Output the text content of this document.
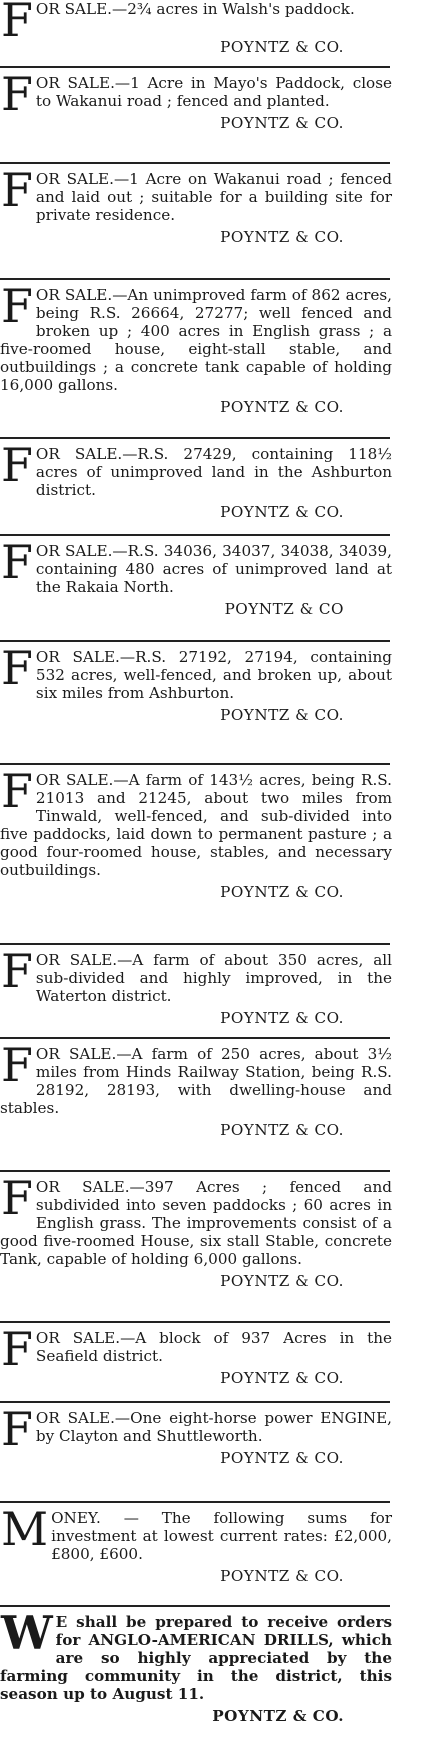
FOR SALE.—2¾ acres in Walsh's paddock.

POYNTZ & CO.

FOR SALE.—1 Acre in Mayo's Paddock, close to Wakanui road ; fenced and planted.

POYNTZ & CO.

FOR SALE.—1 Acre on Wakanui road ; fenced and laid out ; suitable for a building site for private residence.

POYNTZ & CO.

FOR SALE.—An unimproved farm of 862 acres, being R.S. 26664, 27277; well fenced and broken up ; 400 acres in English grass ; a five-roomed house, eight-stall stable, and outbuildings ; a concrete tank capable of holding 16,000 gallons.

POYNTZ & CO.

FOR SALE.—R.S. 27429, containing 118½ acres of unimproved land in the Ashburton district.

POYNTZ & CO.

FOR SALE.—R.S. 34036, 34037, 34038, 34039, containing 480 acres of unimproved land at the Rakaia North.

POYNTZ & CO

FOR SALE.—R.S. 27192, 27194, containing 532 acres, well-fenced, and broken up, about six miles from Ashburton.

POYNTZ & CO.

FOR SALE.—A farm of 143½ acres, being R.S. 21013 and 21245, about two miles from Tinwald, well-fenced, and sub-divided into five paddocks, laid down to permanent pasture ; a good four-roomed house, stables, and necessary outbuildings.

POYNTZ & CO.

FOR SALE.—A farm of about 350 acres, all sub-divided and highly improved, in the Waterton district.

POYNTZ & CO.

FOR SALE.—A farm of 250 acres, about 3½ miles from Hinds Railway Station, being R.S. 28192, 28193, with dwelling-house and stables.

POYNTZ & CO.

FOR SALE.—397 Acres ; fenced and subdivided into seven paddocks ; 60 acres in English grass. The improvements consist of a good five-roomed House, six stall Stable, concrete Tank, capable of holding 6,000 gallons.

POYNTZ & CO.

FOR SALE.—A block of 937 Acres in the Seafield district.

POYNTZ & CO.

FOR SALE.—One eight-horse power ENGINE, by Clayton and Shuttleworth.

POYNTZ & CO.

MONEY. — The following sums for investment at lowest current rates: £2,000, £800, £600.

POYNTZ & CO.

W E shall be prepared to receive orders for ANGLO-AMERICAN DRILLS, which are so highly appreciated by the farming community in the district, this season up to August 11.

POYNTZ & CO.
